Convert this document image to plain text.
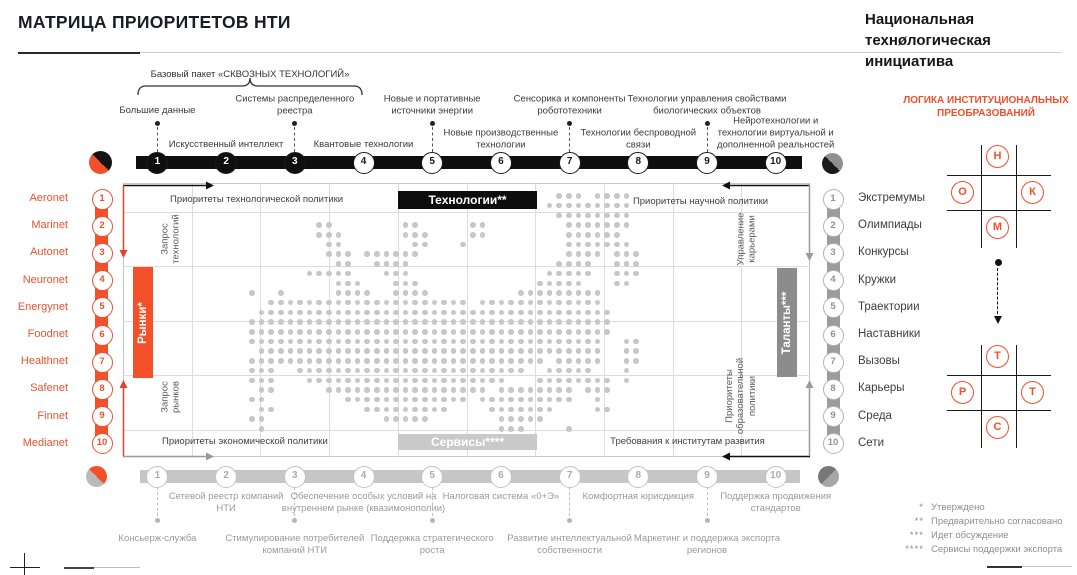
МАТРИЦА ПРИОРИТЕТОВ НТИ	Национальная
технøлогическая инициатива
Базовый пакет «СКВОЗНЫХ ТЕХНОЛОГИЙ»
Большие данные
1
Искусственный интеллект
2
Системы распределенного реестра
3
Квантовые технологии
4
Новые и портативные источники энергии
5
Новые производственные технологии
6
Сенсорика и компоненты робототехники
7
Технологии беспроводной связи
8
Технологии управления свойствами биологических объектов
9
Нейротехнологии и технологии виртуальной и дополненной реальностей
10
Aeronet	1
Marinet	2
Autonet	3
Neuronet	4
Energynet	5
Foodnet	6
Healthnet	7
Safenet	8
Finnet	9
Medianet	10
Экстремумы
1
Олимпиады
2
Конкурсы
3
Кружки
4
Траектории
5
Наставники
6
Вызовы
7
Карьеры
8
Среда
9
Сети
10
Рынки*	Таланты***
Технологии**
Сервисы****
Приоритеты технологической политики	Приоритеты научной политики
Приоритеты экономической политики	Требования к институтам развития
Запрос технологий
Запрос рынков
Управление карьерами
Приоритеты образовательной политики
Консьерж-служба
1
Сетевой реестр компаний НТИ
2
Стимулирование потребителей компаний НТИ
3
Обеспечение особых условий на внутреннем рынке (квазимонополии)
4
Поддержка стратегического роста
5
Налоговая система «0+Э»
6
Развитие интеллектуальной собственности
7
Комфортная юрисдикция
8
Маркетинг и поддержка экспорта регионов
9
Поддержка продвижения стандартов
10
ЛОГИКА ИНСТИТУЦИОНАЛЬНЫХ
ПРЕОБРАЗОВАНИЙ
Н
О	К
М
Т
Р	Т
С
* Утверждено
** Предварительно согласовано
*** Идет обсуждение
**** Сервисы поддержки экспорта
